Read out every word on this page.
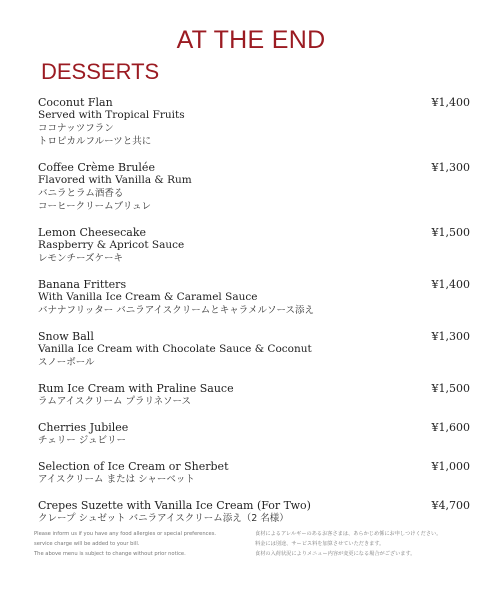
AT THE END
DESSERTS
Coconut Flan
Served with Tropical Fruits
ココナッツフラン
トロピカルフルーツと共に
¥1,400
Coffee Crème Brulée
Flavored with Vanilla & Rum
バニラとラム酒香る
コーヒークリームブリュレ
¥1,300
Lemon Cheesecake
Raspberry & Apricot Sauce
レモンチーズケーキ
¥1,500
Banana Fritters
With Vanilla Ice Cream & Caramel Sauce
バナナフリッター バニラアイスクリームとキャラメルソース添え
¥1,400
Snow Ball
Vanilla Ice Cream with Chocolate Sauce & Coconut
スノーボール
¥1,300
Rum Ice Cream with Praline Sauce
ラムアイスクリーム プラリネソース
¥1,500
Cherries Jubilee
チェリー ジュビリー
¥1,600
Selection of Ice Cream or Sherbet
アイスクリーム または シャーベット
¥1,000
Crepes Suzette with Vanilla Ice Cream (For Two)
クレープ シュゼット バニラアイスクリーム添え（2 名様）
¥4,700
Please inform us if you have any food allergies or special preferences.
service charge will be added to your bill.
The above menu is subject to change without prior notice.
食材によるアレルギーのあるお客さまは、あらかじめ係にお申しつけください。
料金には別途、サービス料を加算させていただきます。
食材の入荷状況によりメニュー内容が変更になる場合がございます。
